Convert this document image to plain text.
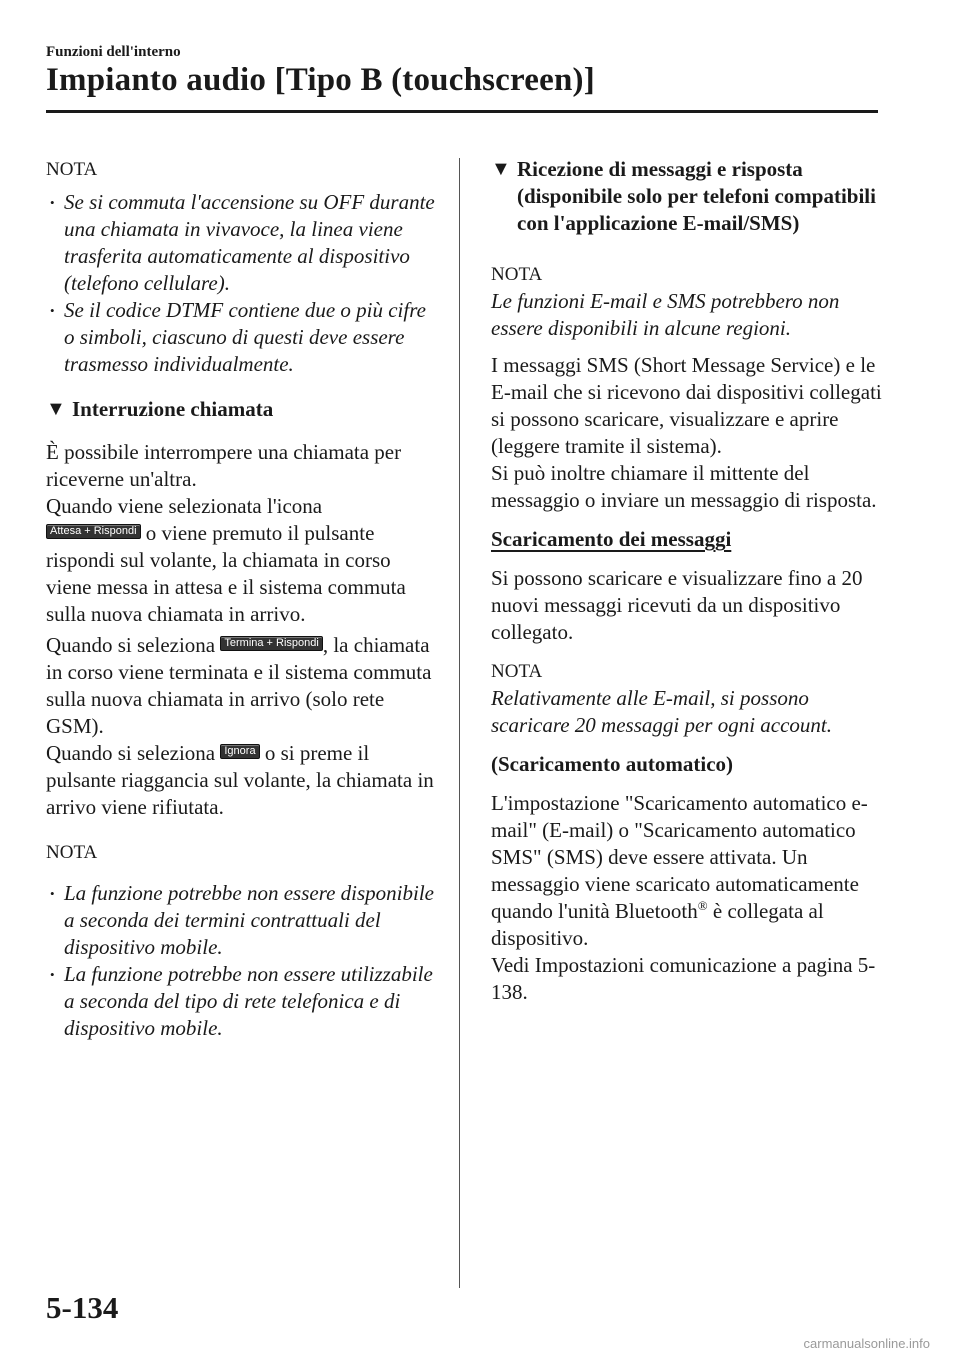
Funzioni dell'interno
Impianto audio [Tipo B (touchscreen)]
NOTA
• Se si commuta l'accensione su OFF durante una chiamata in vivavoce, la linea viene trasferita automaticamente al dispositivo (telefono cellulare).
• Se il codice DTMF contiene due o più cifre o simboli, ciascuno di questi deve essere trasmesso individualmente.
▼ Interruzione chiamata

È possibile interrompere una chiamata per riceverne un'altra.

Quando viene selezionata l'icona
Attesa + Rispondi o viene premuto il pulsante rispondi sul volante, la chiamata in corso viene messa in attesa e il sistema commuta sulla nuova chiamata in arrivo.

Quando si seleziona Termina + Rispondi , la chiamata in corso viene terminata e il sistema commuta sulla nuova chiamata in arrivo (solo rete GSM).

Quando si seleziona Ignora o si preme il pulsante riaggancia sul volante, la chiamata in arrivo viene rifiutata.

NOTA
• La funzione potrebbe non essere disponibile a seconda dei termini contrattuali del dispositivo mobile.
• La funzione potrebbe non essere utilizzabile a seconda del tipo di rete telefonica e di dispositivo mobile.
▼ Ricezione di messaggi e risposta (disponibile solo per telefoni compatibili con l'applicazione E-mail/SMS)
NOTA

Le funzioni E-mail e SMS potrebbero non essere disponibili in alcune regioni.

I messaggi SMS (Short Message Service) e le E-mail che si ricevono dai dispositivi collegati si possono scaricare, visualizzare e aprire (leggere tramite il sistema).

Si può inoltre chiamare il mittente del messaggio o inviare un messaggio di risposta.

Scaricamento dei messaggi

Si possono scaricare e visualizzare fino a 20 nuovi messaggi ricevuti da un dispositivo collegato.

NOTA

Relativamente alle E-mail, si possono scaricare 20 messaggi per ogni account.

(Scaricamento automatico)

L'impostazione "Scaricamento automatico e-mail" (E-mail) o "Scaricamento automatico SMS" (SMS) deve essere attivata. Un messaggio viene scaricato automaticamente quando l'unità Bluetooth® è collegata al dispositivo.

Vedi Impostazioni comunicazione a pagina 5-138.

5-134
carmanualsonline.info
